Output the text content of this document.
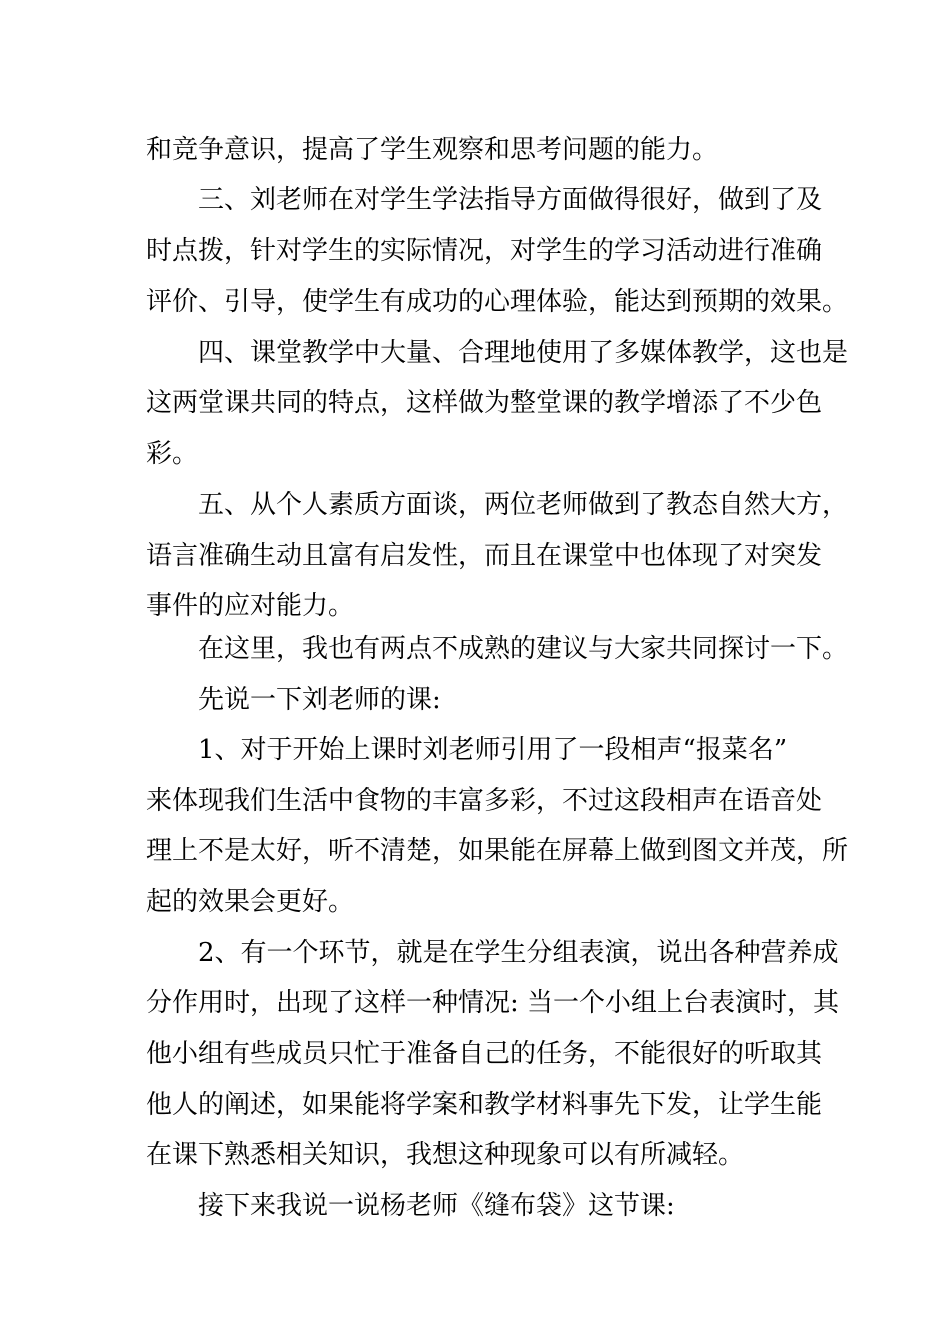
和竞争意识，提高了学生观察和思考问题的能力。

三、刘老师在对学生学法指导方面做得很好，做到了及

时点拨，针对学生的实际情况，对学生的学习活动进行准确

评价、引导，使学生有成功的心理体验，能达到预期的效果。

四、课堂教学中大量、合理地使用了多媒体教学，这也是

这两堂课共同的特点，这样做为整堂课的教学增添了不少色

彩。

五、从个人素质方面谈，两位老师做到了教态自然大方，

语言准确生动且富有启发性，而且在课堂中也体现了对突发

事件的应对能力。

在这里，我也有两点不成熟的建议与大家共同探讨一下。

先说一下刘老师的课:

1、对于开始上课时刘老师引用了一段相声“报菜名”

来体现我们生活中食物的丰富多彩，不过这段相声在语音处

理上不是太好，听不清楚，如果能在屏幕上做到图文并茂，所

起的效果会更好。

2、有一个环节，就是在学生分组表演，说出各种营养成

分作用时，出现了这样一种情况: 当一个小组上台表演时，其

他小组有些成员只忙于准备自己的任务，不能很好的听取其

他人的阐述，如果能将学案和教学材料事先下发，让学生能

在课下熟悉相关知识，我想这种现象可以有所减轻。

接下来我说一说杨老师《缝布袋》这节课:
